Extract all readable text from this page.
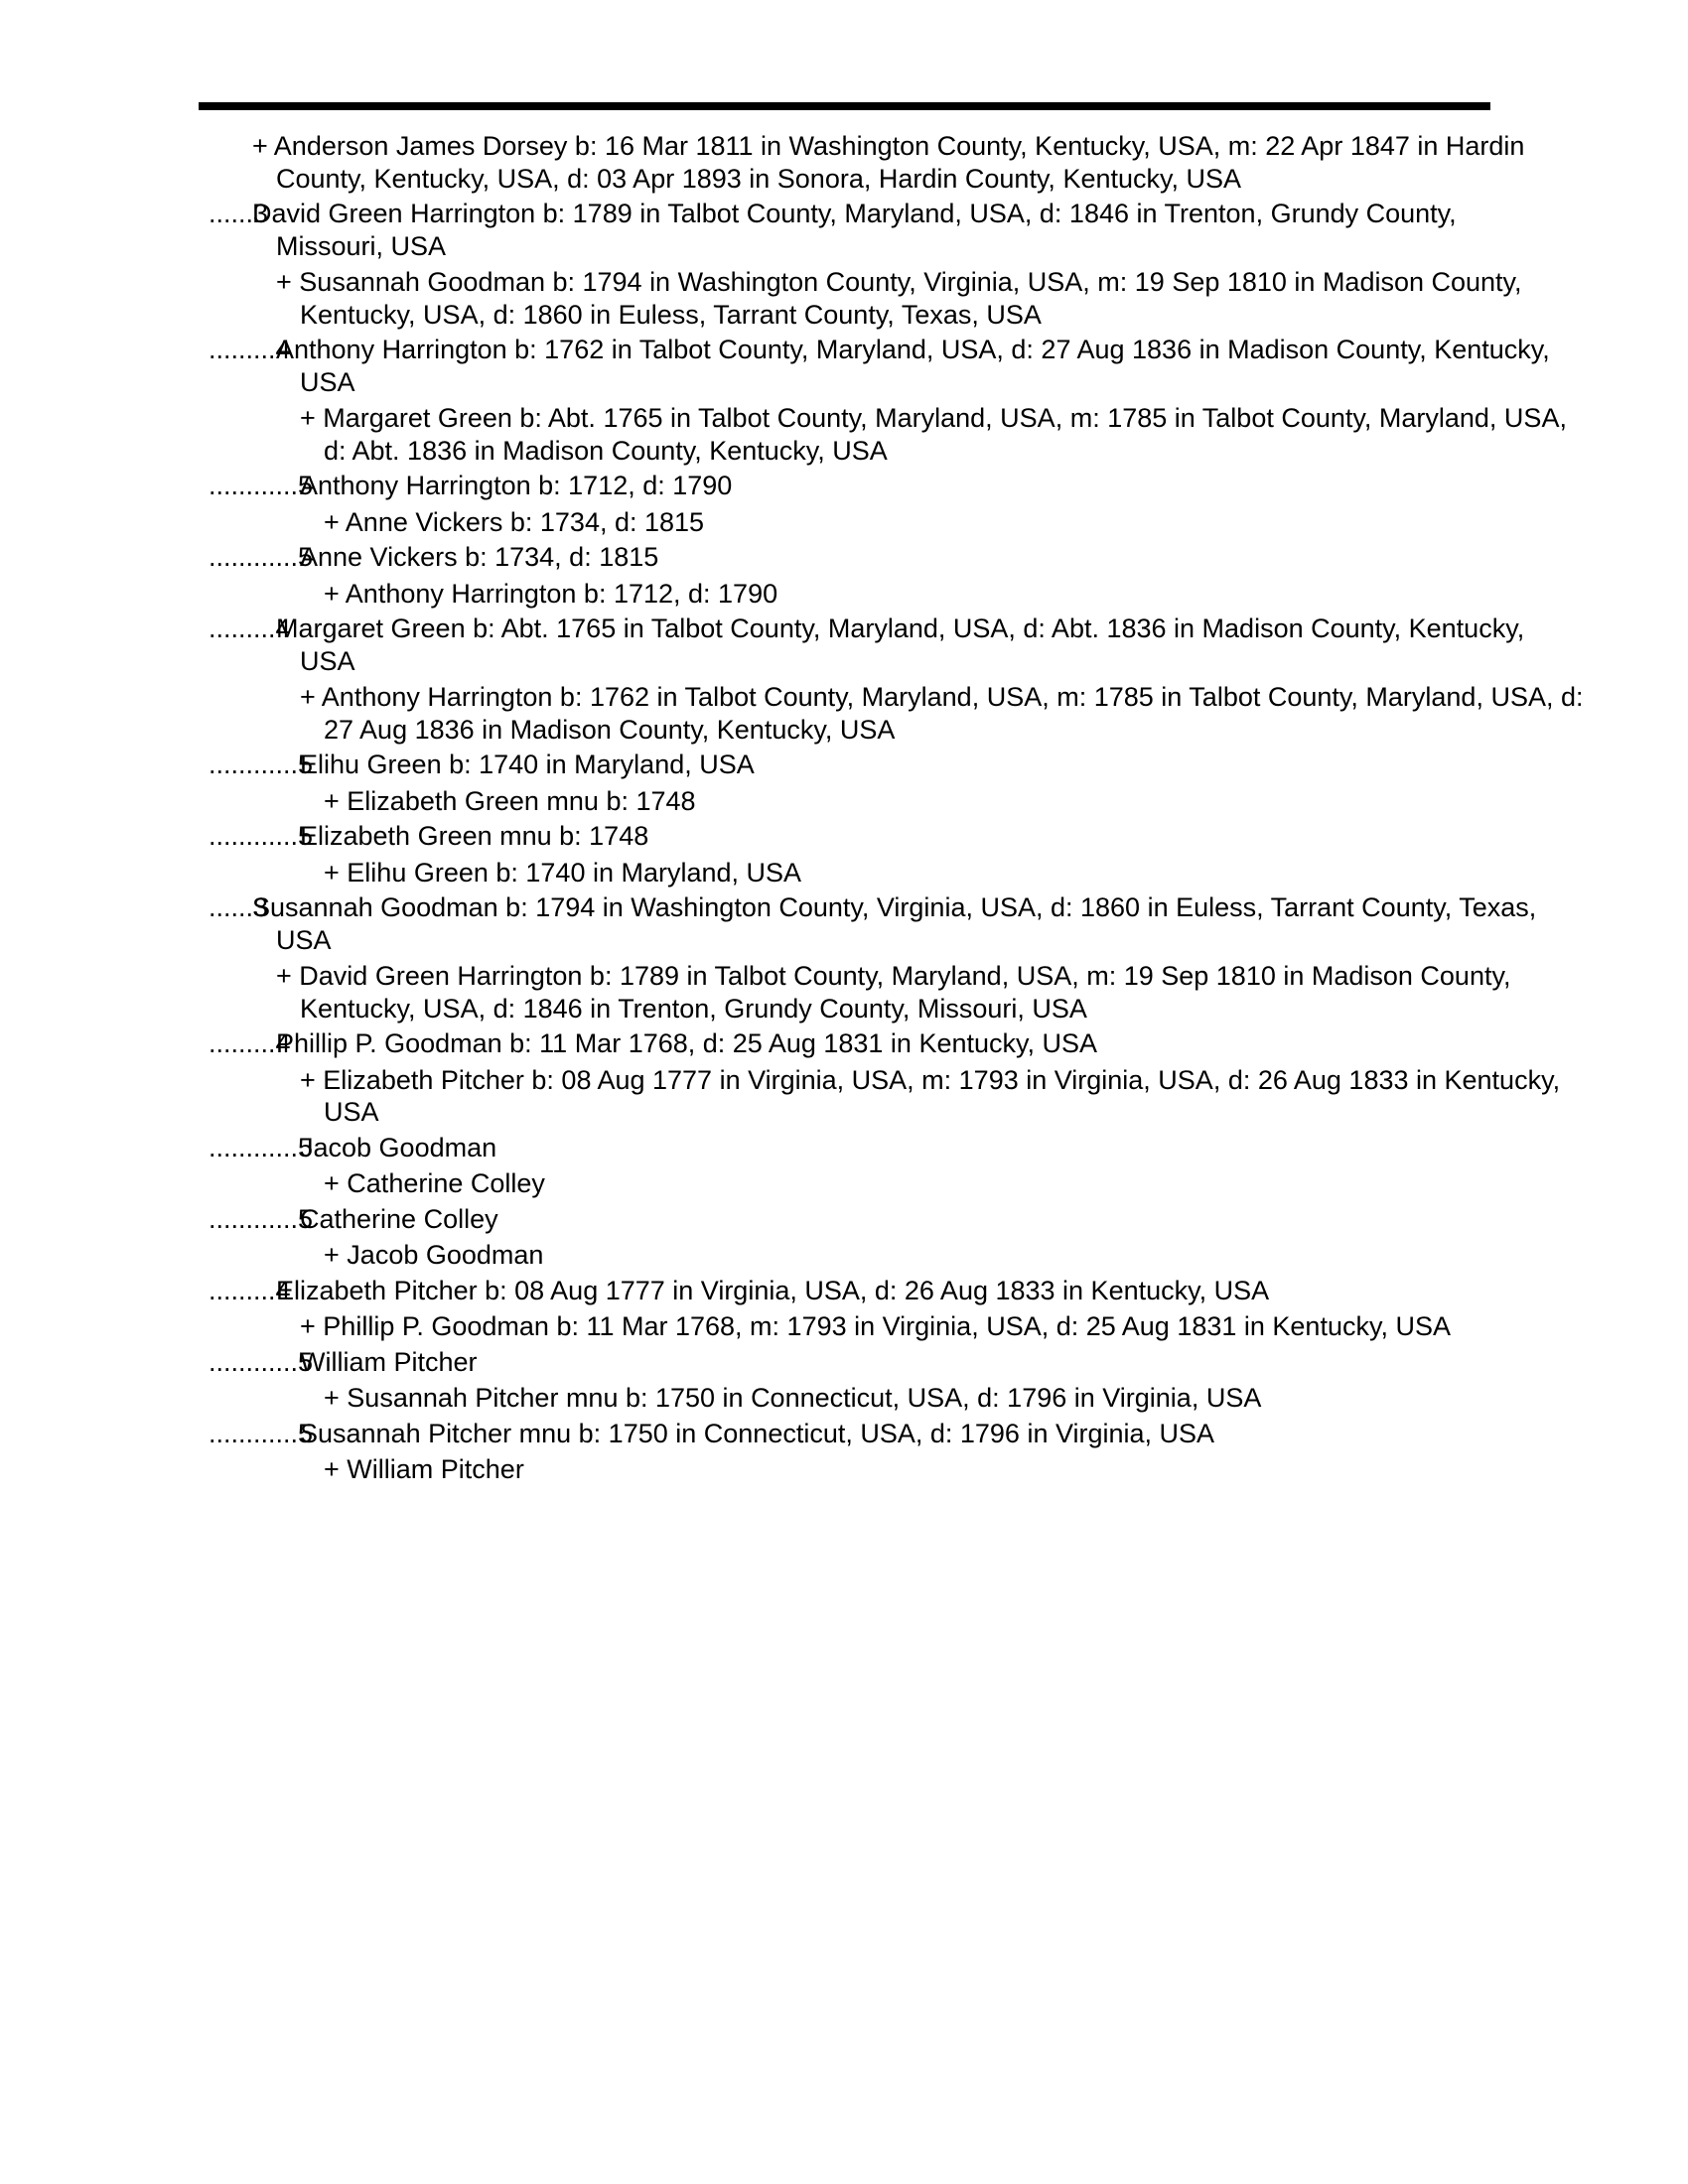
+ Anderson James Dorsey b: 16 Mar 1811 in Washington County, Kentucky, USA, m: 22 Apr 1847 in Hardin County, Kentucky, USA, d: 03 Apr 1893 in Sonora, Hardin County, Kentucky, USA
......3
David Green Harrington b: 1789 in Talbot County, Maryland, USA, d: 1846 in Trenton, Grundy County, Missouri, USA
+ Susannah Goodman b: 1794 in Washington County, Virginia, USA, m: 19 Sep 1810 in Madison County, Kentucky, USA, d: 1860 in Euless, Tarrant County, Texas, USA
.........4
Anthony Harrington b: 1762 in Talbot County, Maryland, USA, d: 27 Aug 1836 in Madison County, Kentucky, USA
+ Margaret Green b: Abt. 1765 in Talbot County, Maryland, USA, m: 1785 in Talbot County, Maryland, USA, d: Abt. 1836 in Madison County, Kentucky, USA
............5
Anthony Harrington b: 1712, d: 1790
+ Anne Vickers b: 1734, d: 1815
............5
Anne Vickers b: 1734, d: 1815
+ Anthony Harrington b: 1712, d: 1790
.........4
Margaret Green b: Abt. 1765 in Talbot County, Maryland, USA, d: Abt. 1836 in Madison County, Kentucky, USA
+ Anthony Harrington b: 1762 in Talbot County, Maryland, USA, m: 1785 in Talbot County, Maryland, USA, d: 27 Aug 1836 in Madison County, Kentucky, USA
............5
Elihu Green b: 1740 in Maryland, USA
+ Elizabeth Green mnu b: 1748
............5
Elizabeth Green mnu b: 1748
+ Elihu Green b: 1740 in Maryland, USA
......3
Susannah Goodman b: 1794 in Washington County, Virginia, USA, d: 1860 in Euless, Tarrant County, Texas, USA
+ David Green Harrington b: 1789 in Talbot County, Maryland, USA, m: 19 Sep 1810 in Madison County, Kentucky, USA, d: 1846 in Trenton, Grundy County, Missouri, USA
.........4
Phillip P. Goodman b: 11 Mar 1768, d: 25 Aug 1831 in Kentucky, USA
+ Elizabeth Pitcher b: 08 Aug 1777 in Virginia, USA, m: 1793 in Virginia, USA, d: 26 Aug 1833 in Kentucky, USA
............5
Jacob Goodman
+ Catherine Colley
............5
Catherine Colley
+ Jacob Goodman
.........4
Elizabeth Pitcher b: 08 Aug 1777 in Virginia, USA, d: 26 Aug 1833 in Kentucky, USA
+ Phillip P. Goodman b: 11 Mar 1768, m: 1793 in Virginia, USA, d: 25 Aug 1831 in Kentucky, USA
............5
William Pitcher
+ Susannah Pitcher mnu b: 1750 in Connecticut, USA, d: 1796 in Virginia, USA
............5
Susannah Pitcher mnu b: 1750 in Connecticut, USA, d: 1796 in Virginia, USA
+ William Pitcher
